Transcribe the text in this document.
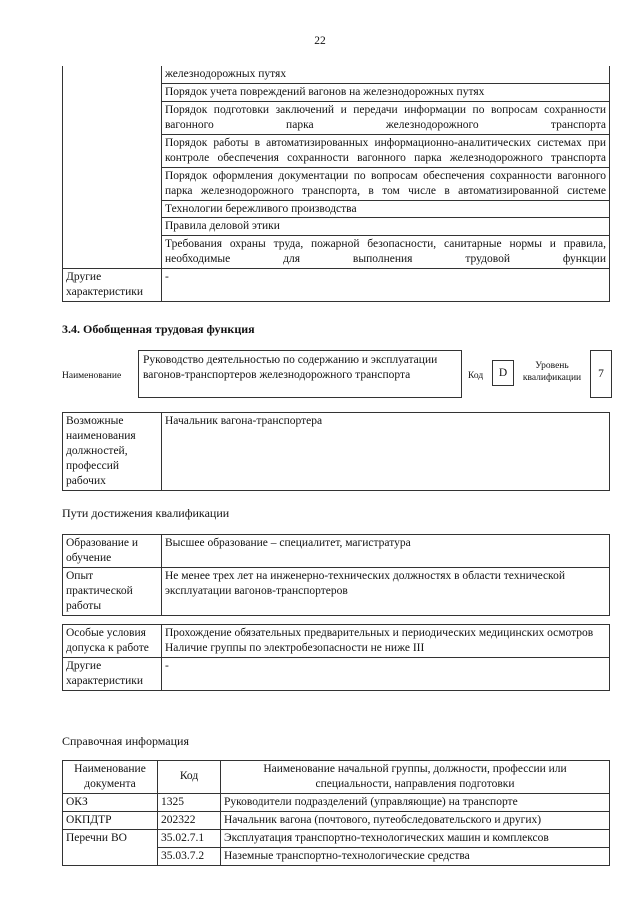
22
	железнодорожных путях
	Порядок учета повреждений вагонов на железнодорожных путях
	Порядок подготовки заключений и передачи информации по вопросам сохранности вагонного парка железнодорожного транспорта
	Порядок работы в автоматизированных информационно-аналитических системах при контроле обеспечения сохранности вагонного парка железнодорожного транспорта
	Порядок оформления документации по вопросам обеспечения сохранности вагонного парка железнодорожного транспорта, в том числе в автоматизированной системе
	Технологии бережливого производства
	Правила деловой этики
	Требования охраны труда, пожарной безопасности, санитарные нормы и правила, необходимые для выполнения трудовой функции
Другие характеристики	-
3.4. Обобщенная трудовая функция
Наименование
Руководство деятельностью по содержанию и эксплуатации вагонов-транспортеров железнодорожного транспорта	Код	D
Уровень квалификации	7
Возможные наименования должностей, профессий рабочих	Начальник вагона-транспортера
Пути достижения квалификации
Образование и обучение	Высшее образование – специалитет, магистратура
Опыт практической работы	Не менее трех лет на инженерно-технических должностях в области технической эксплуатации вагонов-транспортеров
Особые условия допуска к работе	Прохождение обязательных предварительных и периодических медицинских осмотров
Наличие группы по электробезопасности не ниже III

Другие характеристики	-
Справочная информация
Наименование документа	Код	Наименование начальной группы, должности, профессии или специальности, направления подготовки
ОКЗ	1325	Руководители подразделений (управляющие) на транспорте
ОКПДТР	202322	Начальник вагона (почтового, путеобследовательского и других)
Перечни ВО	35.02.7.1	Эксплуатация транспортно-технологических машин и комплексов
	35.03.7.2	Наземные транспортно-технологические средства
